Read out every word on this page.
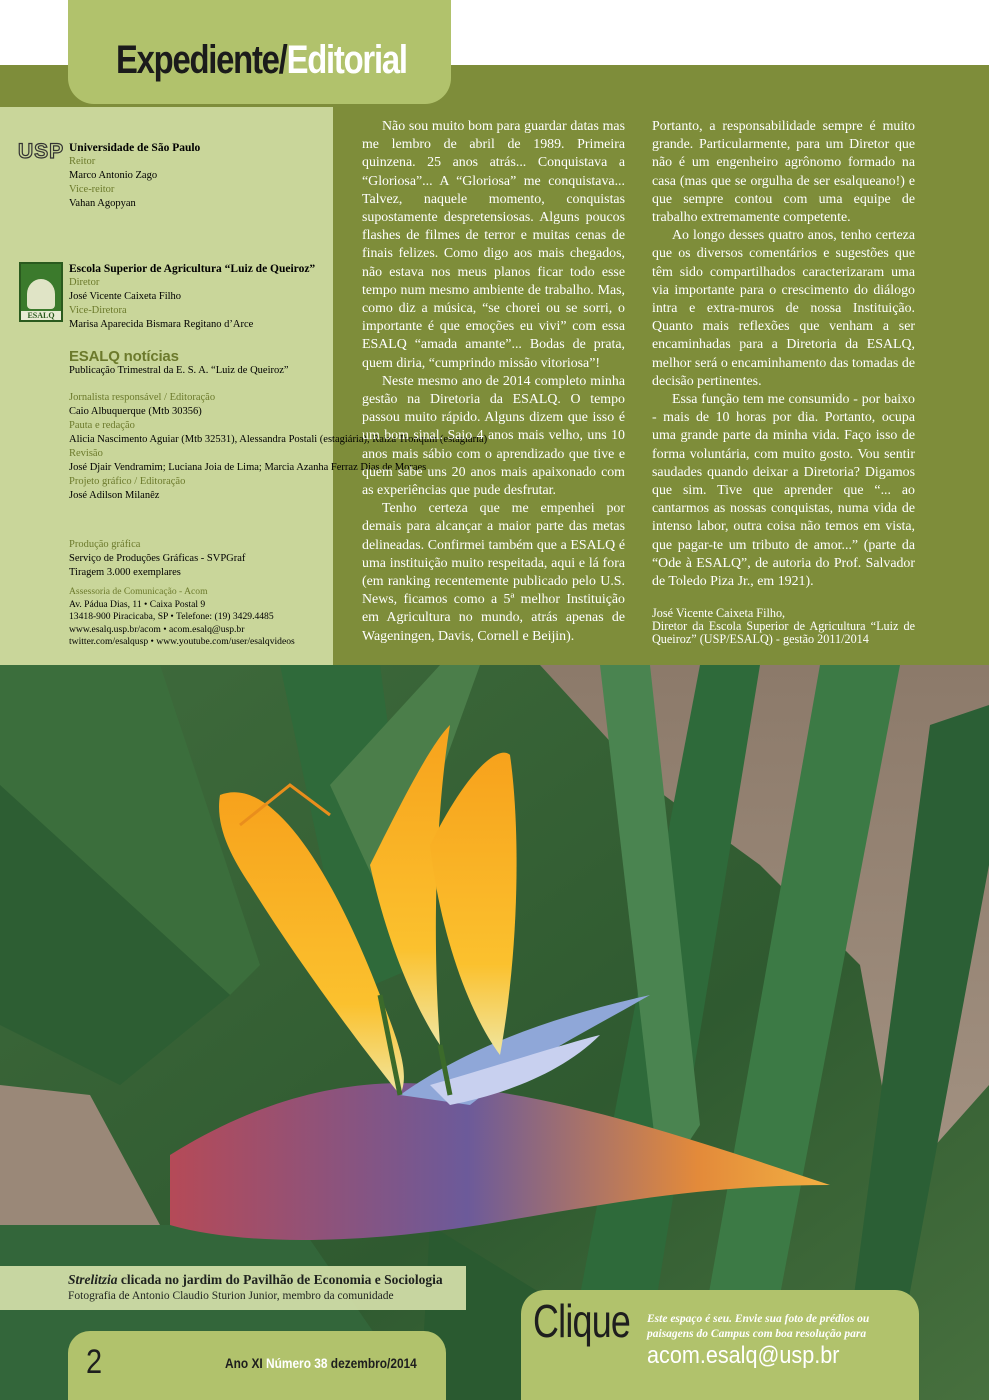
Expediente/Editorial
USP Universidade de São Paulo
Reitor
Marco Antonio Zago
Vice-reitor
Vahan Agopyan
ESALQ
Escola Superior de Agricultura “Luiz de Queiroz”
Diretor
José Vicente Caixeta Filho
Vice-Diretora
Marisa Aparecida Bismara Regitano d’Arce
ESALQ notícias
Publicação Trimestral da E. S. A. “Luiz de Queiroz”
Jornalista responsável / Editoração
Caio Albuquerque (Mtb 30356)
Pauta e redação
Alicia Nascimento Aguiar (Mtb 32531), Alessandra Postali (estagiária), Raiza Tronquin (estagiária)
Revisão
José Djair Vendramim; Luciana Joia de Lima; Marcia Azanha Ferraz Dias de Moraes
Projeto gráfico / Editoração
José Adilson Milanêz
Produção gráfica
Serviço de Produções Gráficas - SVPGraf
Tiragem 3.000 exemplares
Assessoria de Comunicação - Acom
Av. Pádua Dias, 11 • Caixa Postal 9
13418-900 Piracicaba, SP • Telefone: (19) 3429.4485
www.esalq.usp.br/acom • acom.esalq@usp.br
twitter.com/esalqusp • www.youtube.com/user/esalqvideos

Não sou muito bom para guardar datas mas me lembro de abril de 1989. Primeira quinzena. 25 anos atrás... Conquistava a “Gloriosa”... A “Gloriosa” me conquistava... Talvez, naquele momento, conquistas supostamente despretensiosas. Alguns poucos flashes de filmes de terror e muitas cenas de finais felizes. Como digo aos mais chegados, não estava nos meus planos ficar todo esse tempo num mesmo ambiente de trabalho. Mas, como diz a música, “se chorei ou se sorri, o importante é que emoções eu vivi” com essa ESALQ “amada amante”... Bodas de prata, quem diria, “cumprindo missão vitoriosa”!

Neste mesmo ano de 2014 completo minha gestão na Diretoria da ESALQ. O tempo passou muito rápido. Alguns dizem que isso é um bom sinal. Saio 4 anos mais velho, uns 10 anos mais sábio com o aprendizado que tive e quem sabe uns 20 anos mais apaixonado com as experiências que pude desfrutar.

Tenho certeza que me empenhei por demais para alcançar a maior parte das metas delineadas. Confirmei também que a ESALQ é uma instituição muito respeitada, aqui e lá fora (em ranking recentemente publicado pelo U.S. News, ficamos como a 5ª melhor Instituição em Agricultura no mundo, atrás apenas de Wageningen, Davis, Cornell e Beijin).

Portanto, a responsabilidade sempre é muito grande. Particularmente, para um Diretor que não é um engenheiro agrônomo formado na casa (mas que se orgulha de ser esalqueano!) e que sempre contou com uma equipe de trabalho extremamente competente.

Ao longo desses quatro anos, tenho certeza que os diversos comentários e sugestões que têm sido compartilhados caracterizaram uma via importante para o crescimento do diálogo intra e extra-muros de nossa Instituição. Quanto mais reflexões que venham a ser encaminhadas para a Diretoria da ESALQ, melhor será o encaminhamento das tomadas de decisão pertinentes.

Essa função tem me consumido - por baixo - mais de 10 horas por dia. Portanto, ocupa uma grande parte da minha vida. Faço isso de forma voluntária, com muito gosto. Vou sentir saudades quando deixar a Diretoria? Digamos que sim. Tive que aprender que “... ao cantarmos as nossas conquistas, numa vida de intenso labor, outra coisa não temos em vista, que pagar-te um tributo de amor...” (parte da “Ode à ESALQ”, de autoria do Prof. Salvador de Toledo Piza Jr., em 1921).

José Vicente Caixeta Filho,
Diretor da Escola Superior de Agricultura “Luiz de Queiroz” (USP/ESALQ) - gestão 2011/2014

Strelitzia clicada no jardim do Pavilhão de Economia e Sociologia
Fotografia de Antonio Claudio Sturion Junior, membro da comunidade
2	Ano XI Número 38 dezembro/2014
Clique Este espaço é seu. Envie sua foto de prédios ou paisagens do Campus com boa resolução para
acom.esalq@usp.br
